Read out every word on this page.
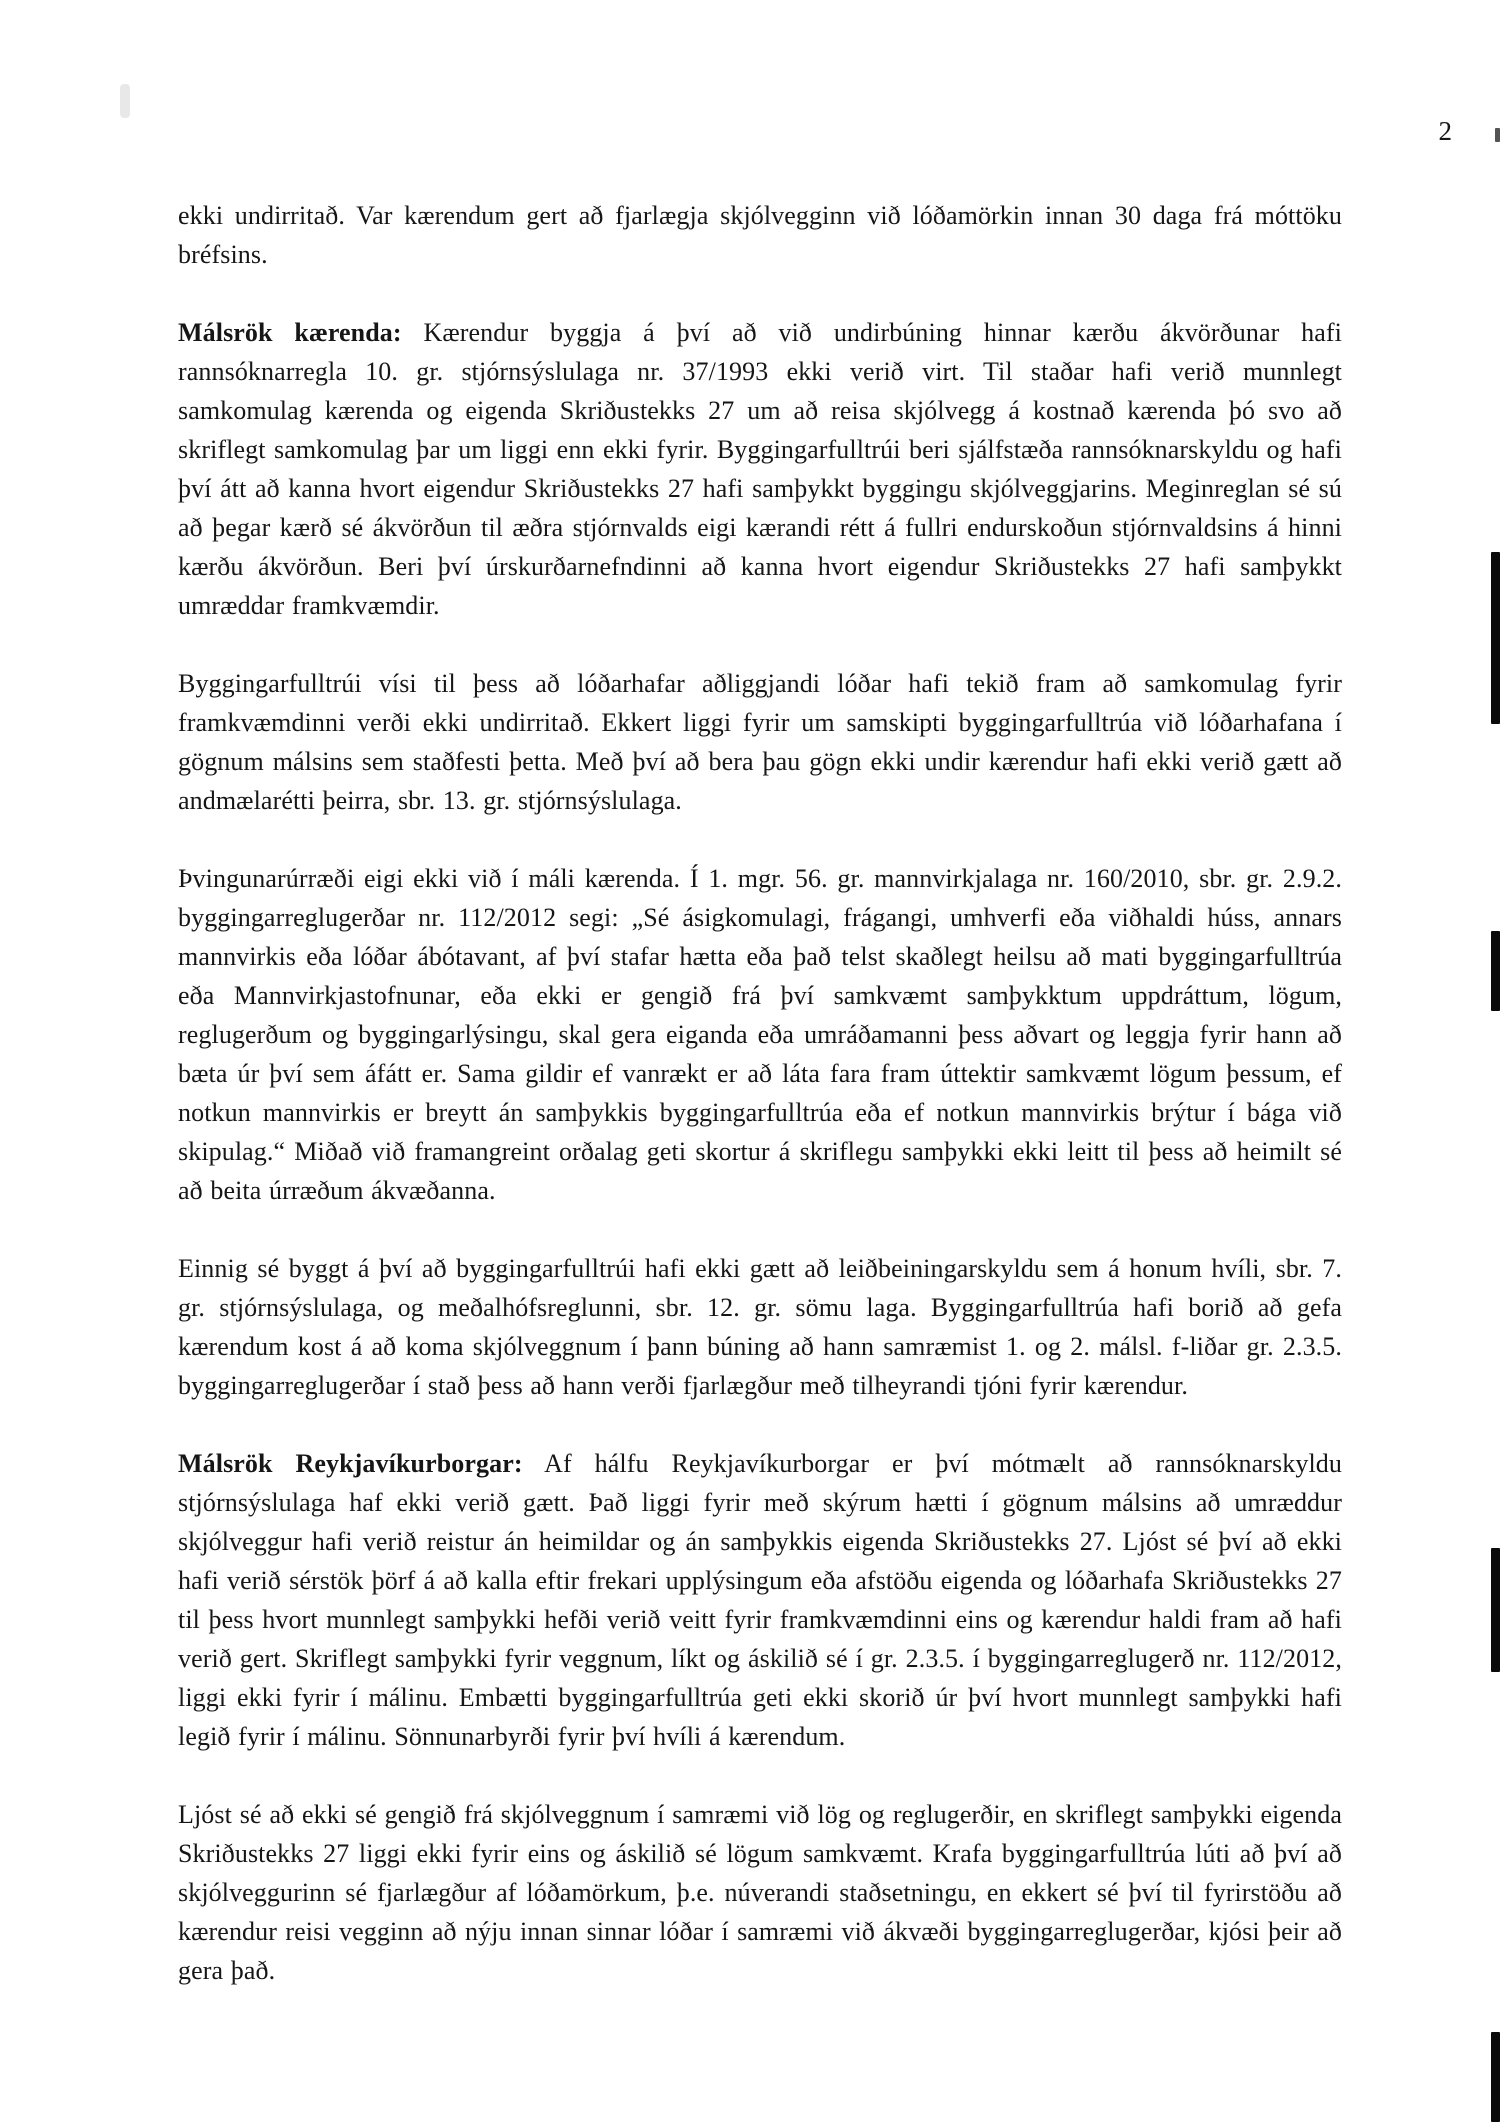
2

ekki undirritað. Var kærendum gert að fjarlægja skjólvegginn við lóðamörkin innan 30 daga frá móttöku bréfsins.

Málsrök kærenda: Kærendur byggja á því að við undirbúning hinnar kærðu ákvörðunar hafi rannsóknarregla 10. gr. stjórnsýslulaga nr. 37/1993 ekki verið virt. Til staðar hafi verið munnlegt samkomulag kærenda og eigenda Skriðustekks 27 um að reisa skjólvegg á kostnað kærenda þó svo að skriflegt samkomulag þar um liggi enn ekki fyrir. Byggingarfulltrúi beri sjálfstæða rannsóknarskyldu og hafi því átt að kanna hvort eigendur Skriðustekks 27 hafi samþykkt byggingu skjólveggjarins. Meginreglan sé sú að þegar kærð sé ákvörðun til æðra stjórnvalds eigi kærandi rétt á fullri endurskoðun stjórnvaldsins á hinni kærðu ákvörðun. Beri því úrskurðarnefndinni að kanna hvort eigendur Skriðustekks 27 hafi samþykkt umræddar framkvæmdir.

Byggingarfulltrúi vísi til þess að lóðarhafar aðliggjandi lóðar hafi tekið fram að samkomulag fyrir framkvæmdinni verði ekki undirritað. Ekkert liggi fyrir um samskipti byggingarfulltrúa við lóðarhafana í gögnum málsins sem staðfesti þetta. Með því að bera þau gögn ekki undir kærendur hafi ekki verið gætt að andmælarétti þeirra, sbr. 13. gr. stjórnsýslulaga.

Þvingunarúrræði eigi ekki við í máli kærenda. Í 1. mgr. 56. gr. mannvirkjalaga nr. 160/2010, sbr. gr. 2.9.2. byggingarreglugerðar nr. 112/2012 segi: „Sé ásigkomulagi, frágangi, umhverfi eða viðhaldi húss, annars mannvirkis eða lóðar ábótavant, af því stafar hætta eða það telst skaðlegt heilsu að mati byggingarfulltrúa eða Mannvirkjastofnunar, eða ekki er gengið frá því samkvæmt samþykktum uppdráttum, lögum, reglugerðum og byggingarlýsingu, skal gera eiganda eða umráðamanni þess aðvart og leggja fyrir hann að bæta úr því sem áfátt er. Sama gildir ef vanrækt er að láta fara fram úttektir samkvæmt lögum þessum, ef notkun mannvirkis er breytt án samþykkis byggingarfulltrúa eða ef notkun mannvirkis brýtur í bága við skipulag.“ Miðað við framangreint orðalag geti skortur á skriflegu samþykki ekki leitt til þess að heimilt sé að beita úrræðum ákvæðanna.

Einnig sé byggt á því að byggingarfulltrúi hafi ekki gætt að leiðbeiningarskyldu sem á honum hvíli, sbr. 7. gr. stjórnsýslulaga, og meðalhófsreglunni, sbr. 12. gr. sömu laga. Byggingarfulltrúa hafi borið að gefa kærendum kost á að koma skjólveggnum í þann búning að hann samræmist 1. og 2. málsl. f-liðar gr. 2.3.5. byggingarreglugerðar í stað þess að hann verði fjarlægður með tilheyrandi tjóni fyrir kærendur.

Málsrök Reykjavíkurborgar: Af hálfu Reykjavíkurborgar er því mótmælt að rannsóknarskyldu stjórnsýslulaga haf ekki verið gætt. Það liggi fyrir með skýrum hætti í gögnum málsins að umræddur skjólveggur hafi verið reistur án heimildar og án samþykkis eigenda Skriðustekks 27. Ljóst sé því að ekki hafi verið sérstök þörf á að kalla eftir frekari upplýsingum eða afstöðu eigenda og lóðarhafa Skriðustekks 27 til þess hvort munnlegt samþykki hefði verið veitt fyrir framkvæmdinni eins og kærendur haldi fram að hafi verið gert. Skriflegt samþykki fyrir veggnum, líkt og áskilið sé í gr. 2.3.5. í byggingarreglugerð nr. 112/2012, liggi ekki fyrir í málinu. Embætti byggingarfulltrúa geti ekki skorið úr því hvort munnlegt samþykki hafi legið fyrir í málinu. Sönnunarbyrði fyrir því hvíli á kærendum.

Ljóst sé að ekki sé gengið frá skjólveggnum í samræmi við lög og reglugerðir, en skriflegt samþykki eigenda Skriðustekks 27 liggi ekki fyrir eins og áskilið sé lögum samkvæmt. Krafa byggingarfulltrúa lúti að því að skjólveggurinn sé fjarlægður af lóðamörkum, þ.e. núverandi staðsetningu, en ekkert sé því til fyrirstöðu að kærendur reisi vegginn að nýju innan sinnar lóðar í samræmi við ákvæði byggingarreglugerðar, kjósi þeir að gera það.
